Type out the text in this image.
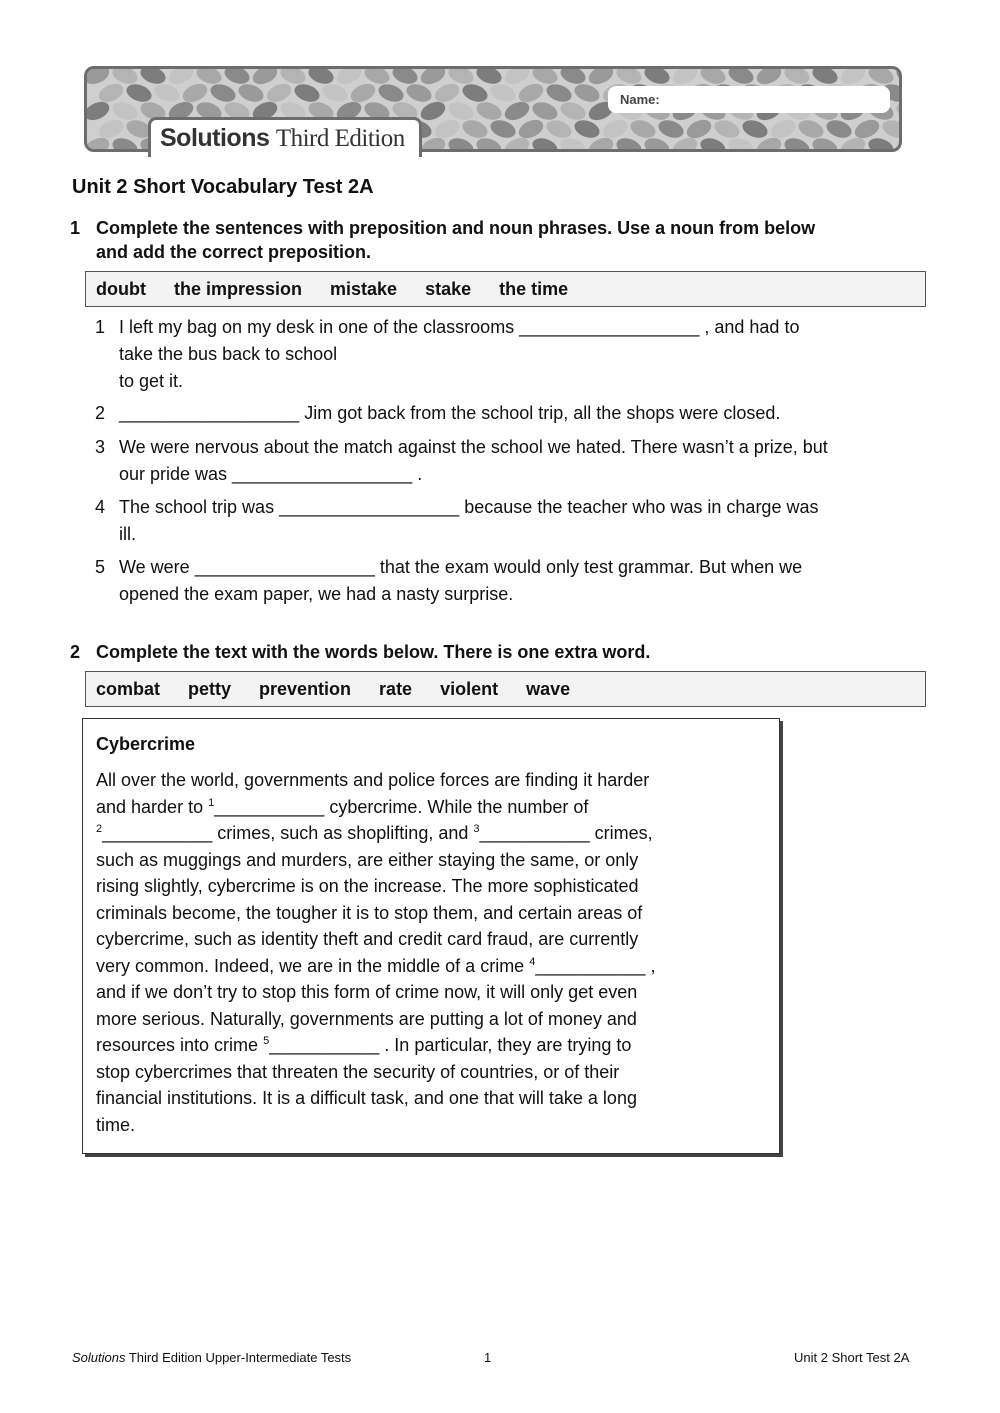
Name:
Solutions Third Edition
Unit 2 Short Vocabulary Test 2A
1 Complete the sentences with preposition and noun phrases. Use a noun from below
and add the correct preposition.
doubt the impression mistake stake the time
1 I left my bag on my desk in one of the classrooms __________________ , and had to
take the bus back to school
to get it.
2 __________________ Jim got back from the school trip, all the shops were closed.
3 We were nervous about the match against the school we hated. There wasn’t a prize, but
our pride was __________________ .
4 The school trip was __________________ because the teacher who was in charge was
ill.
5 We were __________________ that the exam would only test grammar. But when we
opened the exam paper, we had a nasty surprise.
2 Complete the text with the words below. There is one extra word.
combat petty prevention rate violent wave
Cybercrime
All over the world, governments and police forces are finding it harder
and harder to $^1$___________ cybercrime. While the number of
$^2$___________ crimes, such as shoplifting, and $^3$___________ crimes,
such as muggings and murders, are either staying the same, or only
rising slightly, cybercrime is on the increase. The more sophisticated
criminals become, the tougher it is to stop them, and certain areas of
cybercrime, such as identity theft and credit card fraud, are currently
very common. Indeed, we are in the middle of a crime $^4$___________ ,
and if we don’t try to stop this form of crime now, it will only get even
more serious. Naturally, governments are putting a lot of money and
resources into crime $^5$___________ . In particular, they are trying to
stop cybercrimes that threaten the security of countries, or of their
financial institutions. It is a difficult task, and one that will take a long
time.
Solutions Third Edition Upper-Intermediate Tests	1	Unit 2 Short Test 2A
